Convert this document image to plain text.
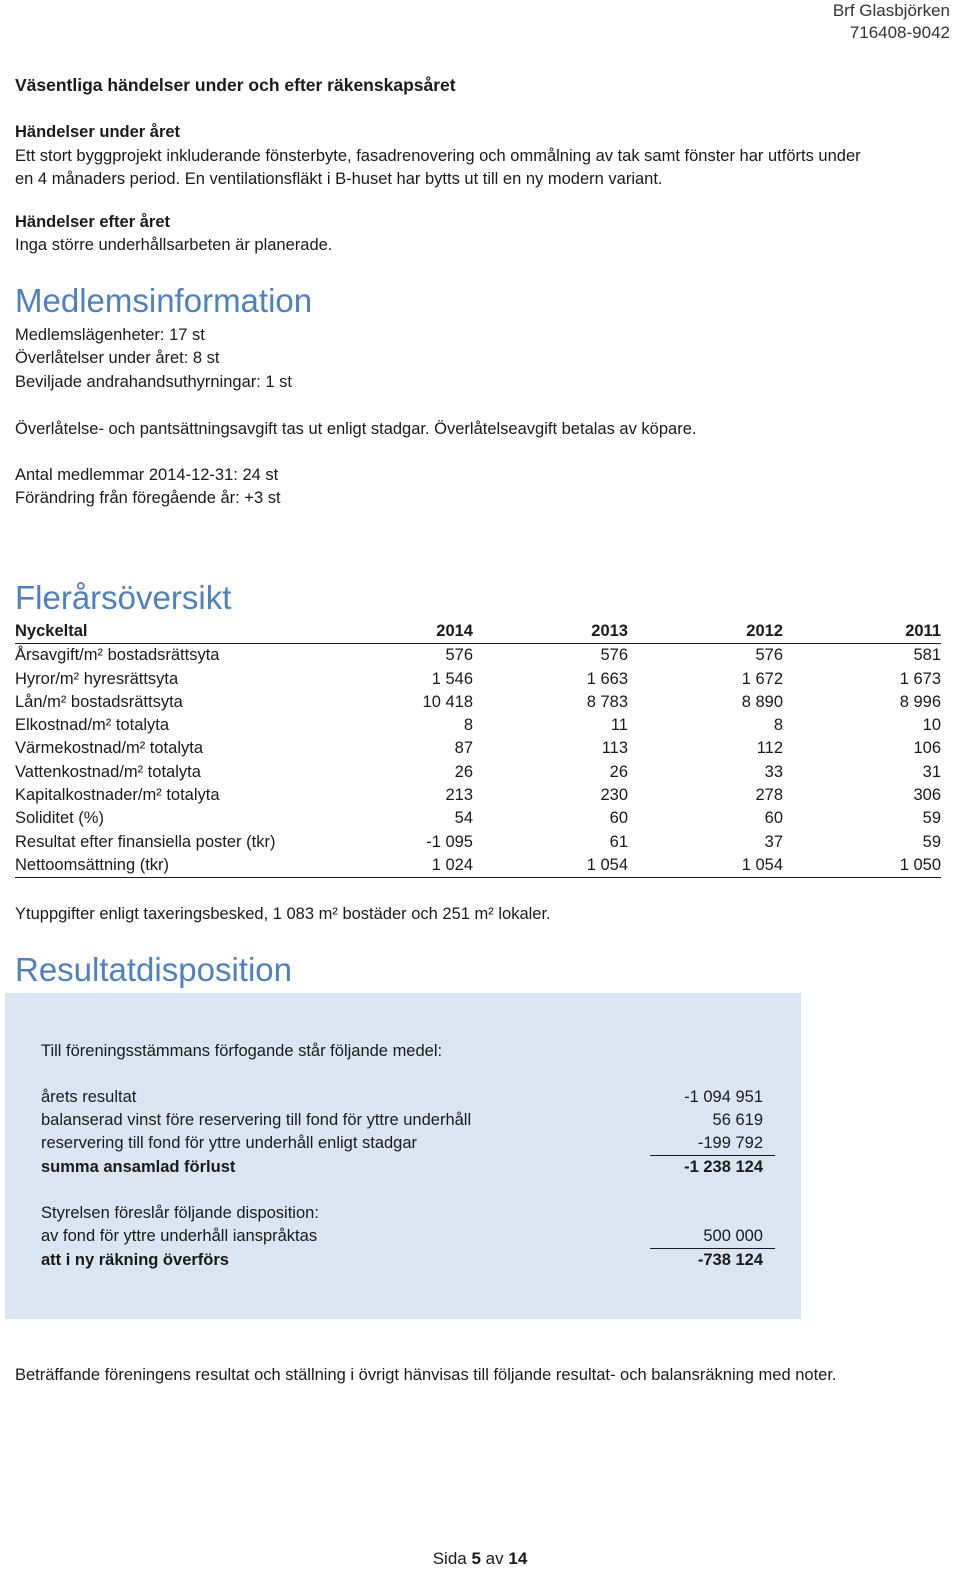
Brf Glasbjörken
716408-9042
Väsentliga händelser under och efter räkenskapsåret
Händelser under året
Ett stort byggprojekt inkluderande fönsterbyte, fasadrenovering och ommålning av tak samt fönster har utförts under
en 4 månaders period. En ventilationsfläkt i B-huset har bytts ut till en ny modern variant.
Händelser efter året
Inga större underhållsarbeten är planerade.
Medlemsinformation
Medlemslägenheter: 17 st
Överlåtelser under året: 8 st
Beviljade andrahandsuthyrningar: 1 st
Överlåtelse- och pantsättningsavgift tas ut enligt stadgar. Överlåtelseavgift betalas av köpare.
Antal medlemmar 2014-12-31: 24 st
Förändring från föregående år: +3 st
Flerårsöversikt
Nyckeltal	2014	2013	2012	2011
Årsavgift/m² bostadsrättsyta	576	576	576	581
Hyror/m² hyresrättsyta	1 546	1 663	1 672	1 673
Lån/m² bostadsrättsyta	10 418	8 783	8 890	8 996
Elkostnad/m² totalyta	8	11	8	10
Värmekostnad/m² totalyta	87	113	112	106
Vattenkostnad/m² totalyta	26	26	33	31
Kapitalkostnader/m² totalyta	213	230	278	306
Soliditet (%)	54	60	60	59
Resultat efter finansiella poster (tkr)	-1 095	61	37	59
Nettoomsättning (tkr)	1 024	1 054	1 054	1 050
Ytuppgifter enligt taxeringsbesked, 1 083 m² bostäder och 251 m² lokaler.
Resultatdisposition
Till föreningsstämmans förfogande står följande medel:
årets resultat	-1 094 951
balanserad vinst före reservering till fond för yttre underhåll	56 619
reservering till fond för yttre underhåll enligt stadgar	-199 792
summa ansamlad förlust	-1 238 124
Styrelsen föreslår följande disposition:
av fond för yttre underhåll ianspråktas	500 000
att i ny räkning överförs	-738 124
Beträffande föreningens resultat och ställning i övrigt hänvisas till följande resultat- och balansräkning med noter.
Sida 5 av 14
